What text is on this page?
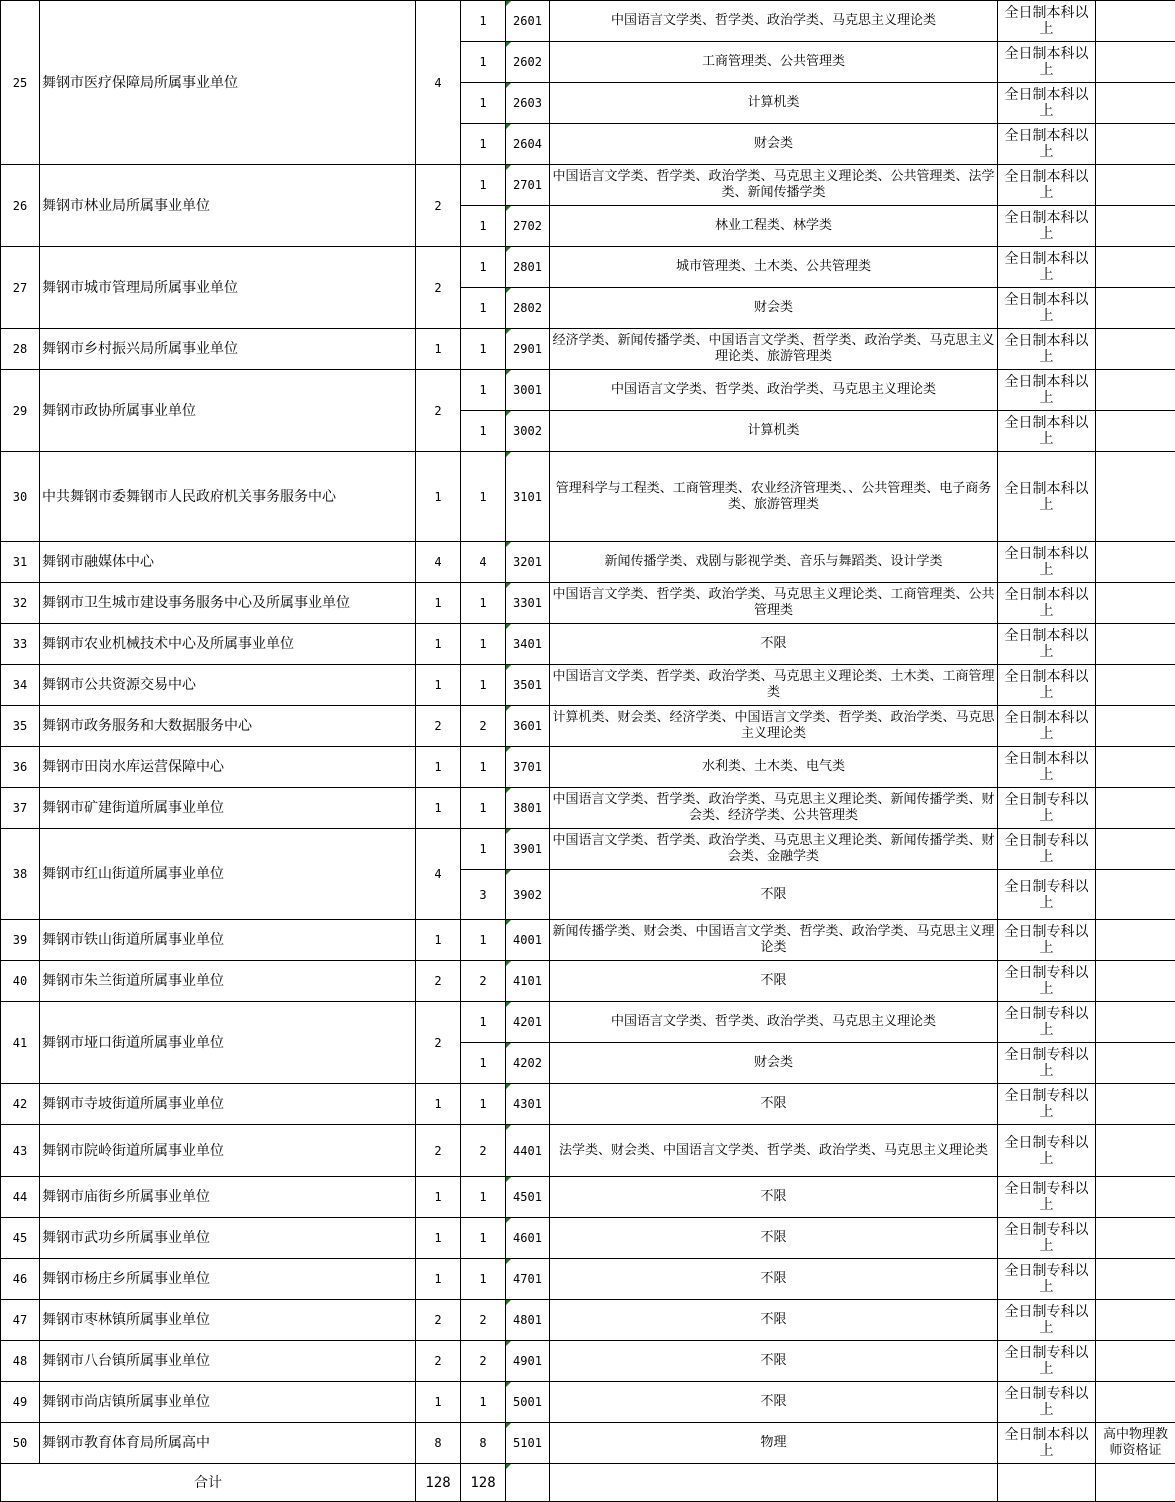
25	舞钢市医疗保障局所属事业单位	4	1	2601	中国语言文学类、哲学类、政治学类、马克思主义理论类	全日制本科以上	
			1	2602	工商管理类、公共管理类	全日制本科以上	
			1	2603	计算机类	全日制本科以上	
			1	2604	财会类	全日制本科以上	
26	舞钢市林业局所属事业单位	2	1	2701	中国语言文学类、哲学类、政治学类、马克思主义理论类、公共管理类、法学类、新闻传播学类	全日制本科以上	
			1	2702	林业工程类、林学类	全日制本科以上	
27	舞钢市城市管理局所属事业单位	2	1	2801	城市管理类、土木类、公共管理类	全日制本科以上	
			1	2802	财会类	全日制本科以上	
28	舞钢市乡村振兴局所属事业单位	1	1	2901	经济学类、新闻传播学类、中国语言文学类、哲学类、政治学类、马克思主义理论类、旅游管理类	全日制本科以上	
29	舞钢市政协所属事业单位	2	1	3001	中国语言文学类、哲学类、政治学类、马克思主义理论类	全日制本科以上	
			1	3002	计算机类	全日制本科以上	
30	中共舞钢市委舞钢市人民政府机关事务服务中心	1	1	3101	管理科学与工程类、工商管理类、农业经济管理类、、公共管理类、电子商务类、旅游管理类	全日制本科以上	
31	舞钢市融媒体中心	4	4	3201	新闻传播学类、戏剧与影视学类、音乐与舞蹈类、设计学类	全日制本科以上	
32	舞钢市卫生城市建设事务服务中心及所属事业单位	1	1	3301	中国语言文学类、哲学类、政治学类、马克思主义理论类、工商管理类、公共管理类	全日制本科以上	
33	舞钢市农业机械技术中心及所属事业单位	1	1	3401	不限	全日制本科以上	
34	舞钢市公共资源交易中心	1	1	3501	中国语言文学类、哲学类、政治学类、马克思主义理论类、土木类、工商管理类	全日制本科以上	
35	舞钢市政务服务和大数据服务中心	2	2	3601	计算机类、财会类、经济学类、中国语言文学类、哲学类、政治学类、马克思主义理论类	全日制本科以上	
36	舞钢市田岗水库运营保障中心	1	1	3701	水利类、土木类、电气类	全日制本科以上	
37	舞钢市矿建街道所属事业单位	1	1	3801	中国语言文学类、哲学类、政治学类、马克思主义理论类、新闻传播学类、财会类、经济学类、公共管理类	全日制专科以上	
38	舞钢市红山街道所属事业单位	4	1	3901	中国语言文学类、哲学类、政治学类、马克思主义理论类、新闻传播学类、财会类、金融学类	全日制专科以上	
			3	3902	不限	全日制专科以上	
39	舞钢市铁山街道所属事业单位	1	1	4001	新闻传播学类、财会类、中国语言文学类、哲学类、政治学类、马克思主义理论类	全日制专科以上	
40	舞钢市朱兰街道所属事业单位	2	2	4101	不限	全日制专科以上	
41	舞钢市垭口街道所属事业单位	2	1	4201	中国语言文学类、哲学类、政治学类、马克思主义理论类	全日制专科以上	
			1	4202	财会类	全日制专科以上	
42	舞钢市寺坡街道所属事业单位	1	1	4301	不限	全日制专科以上	
43	舞钢市院岭街道所属事业单位	2	2	4401	法学类、财会类、中国语言文学类、哲学类、政治学类、马克思主义理论类	全日制专科以上	
44	舞钢市庙街乡所属事业单位	1	1	4501	不限	全日制专科以上	
45	舞钢市武功乡所属事业单位	1	1	4601	不限	全日制专科以上	
46	舞钢市杨庄乡所属事业单位	1	1	4701	不限	全日制专科以上	
47	舞钢市枣林镇所属事业单位	2	2	4801	不限	全日制专科以上	
48	舞钢市八台镇所属事业单位	2	2	4901	不限	全日制专科以上	
49	舞钢市尚店镇所属事业单位	1	1	5001	不限	全日制专科以上	
50	舞钢市教育体育局所属高中	8	8	5101	物理	全日制本科以上	高中物理教师资格证
合计		128	128				
